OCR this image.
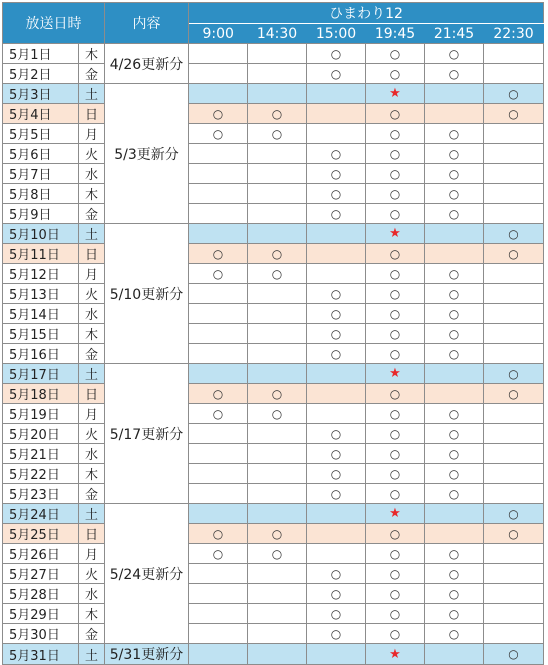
放送日時		内容	ひまわり12					
			9:00	14:30	15:00	19:45	21:45	22:30
5月1日	木	4/26更新分			○	○	○	
5月2日	金				○	○	○	
5月3日	土	5/3更新分				★		○
5月4日	日		○	○		○		○
5月5日	月		○	○		○	○	
5月6日	火				○	○	○	
5月7日	水				○	○	○	
5月8日	木				○	○	○	
5月9日	金				○	○	○	
5月10日	土	5/10更新分				★		○
5月11日	日		○	○		○		○
5月12日	月		○	○		○	○	
5月13日	火				○	○	○	
5月14日	水				○	○	○	
5月15日	木				○	○	○	
5月16日	金				○	○	○	
5月17日	土	5/17更新分				★		○
5月18日	日		○	○		○		○
5月19日	月		○	○		○	○	
5月20日	火				○	○	○	
5月21日	水				○	○	○	
5月22日	木				○	○	○	
5月23日	金				○	○	○	
5月24日	土	5/24更新分				★		○
5月25日	日		○	○		○		○
5月26日	月		○	○		○	○	
5月27日	火				○	○	○	
5月28日	水				○	○	○	
5月29日	木				○	○	○	
5月30日	金				○	○	○	
5月31日	土	5/31更新分				★		○
